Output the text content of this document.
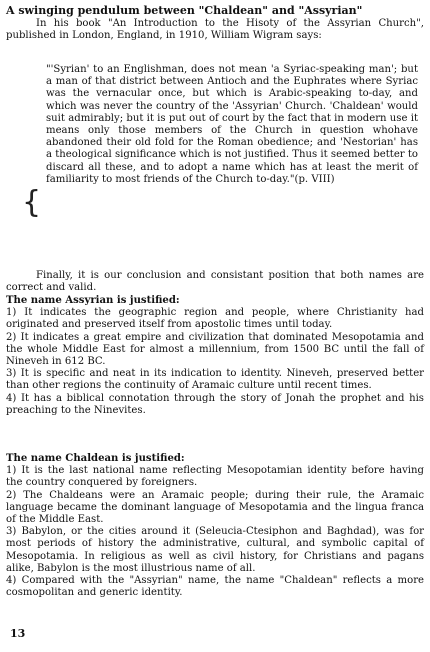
A swinging pendulum between "Chaldean" and "Assyrian"

In his book "An Introduction to the Hisoty of the Assyrian Church", published in London, England, in 1910, William Wigram says:

"'Syrian' to an Englishman, does not mean 'a Syriac-speaking man'; but a man of that district between Antioch and the Euphrates where Syriac was the vernacular once, but which is Arabic-speaking to-day, and which was never the country of the 'Assyrian' Church. 'Chaldean' would suit admirably; but it is put out of court by the fact that in modern use it means only those members of the Church in question whohave abandoned their old fold for the Roman obedience; and 'Nestorian' has a theological significance which is not justified. Thus it seemed better to discard all these, and to adopt a name which has at least the merit of familiarity to most friends of the Church to-day."(p. VIII)

{

Finally, it is our conclusion and consistant position that both names are correct and valid.

The name Assyrian is justified:

1) It indicates the geographic region and people, where Christianity had originated and preserved itself from apostolic times until today.

2) It indicates a great empire and civilization that dominated Mesopotamia and the whole Middle East for almost a millennium, from 1500 BC until the fall of Nineveh in 612 BC.

3) It is specific and neat in its indication to identity. Nineveh, preserved better than other regions the continuity of Aramaic culture until recent times.

4) It has a biblical connotation through the story of Jonah the prophet and his preaching to the Ninevites.

The name Chaldean is justified:

1) It is the last national name reflecting Mesopotamian identity before having the country conquered by foreigners.

2) The Chaldeans were an Aramaic people; during their rule, the Aramaic language became the dominant language of Mesopotamia and the lingua franca of the Middle East.

3) Babylon, or the cities around it (Seleucia-Ctesiphon and Baghdad), was for most periods of history the administrative, cultural, and symbolic capital of Mesopotamia. In religious as well as civil history, for Christians and pagans alike, Babylon is the most illustrious name of all.

4) Compared with the "Assyrian" name, the name "Chaldean" reflects a more cosmopolitan and generic identity.

13
